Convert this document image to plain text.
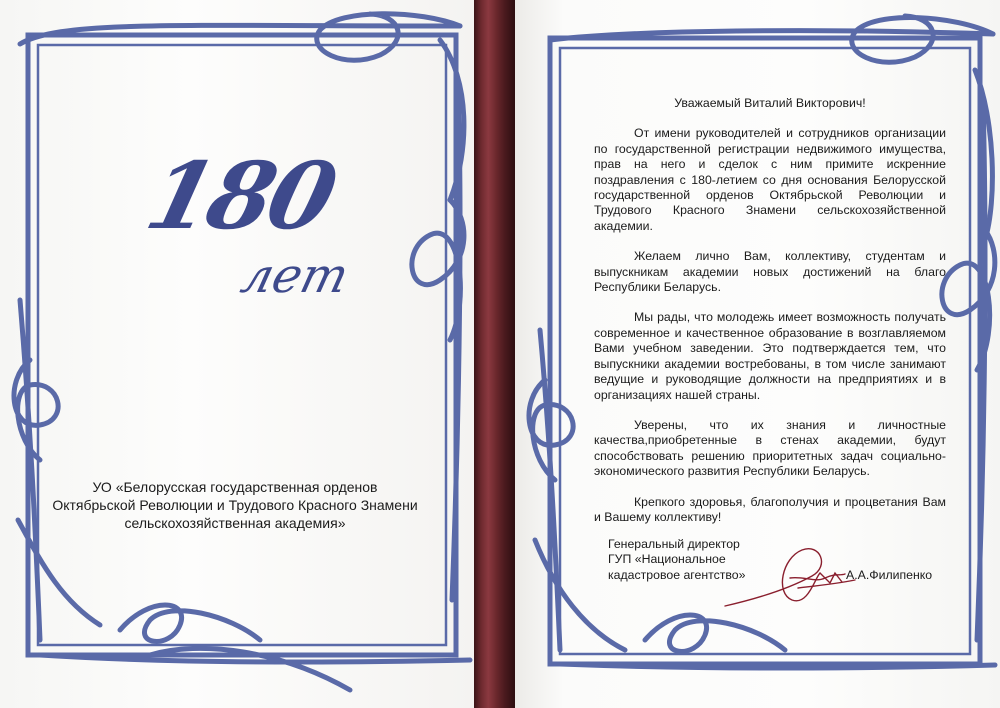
180
лет
УО «Белорусская государственная орденов
Октябрьской Революции и Трудового Красного Знамени
сельскохозяйственная академия»

Уважаемый Виталий Викторович!

От имени руководителей и сотрудников организации по государственной регистрации недвижимого имущества, прав на него и сделок с ним примите искренние поздравления с 180-летием со дня основания Белорусской государственной орденов Октябрьской Революции и Трудового Красного Знамени сельскохозяйственной академии.

Желаем лично Вам, коллективу, студентам и выпускникам академии новых достижений на благо Республики Беларусь.

Мы рады, что молодежь имеет возможность получать современное и качественное образование в возглавляемом Вами учебном заведении. Это подтверждается тем, что выпускники академии востребованы, в том числе занимают ведущие и руководящие должности на предприятиях и в организациях нашей страны.

Уверены, что их знания и личностные качества,приобретенные в стенах академии, будут способствовать решению приоритетных задач социально-экономического развития Республики Беларусь.

Крепкого здоровья, благополучия и процветания Вам и Вашему коллективу!

Генеральный директор
ГУП «Национальное
кадастровое агентство»	А.А.Филипенко
